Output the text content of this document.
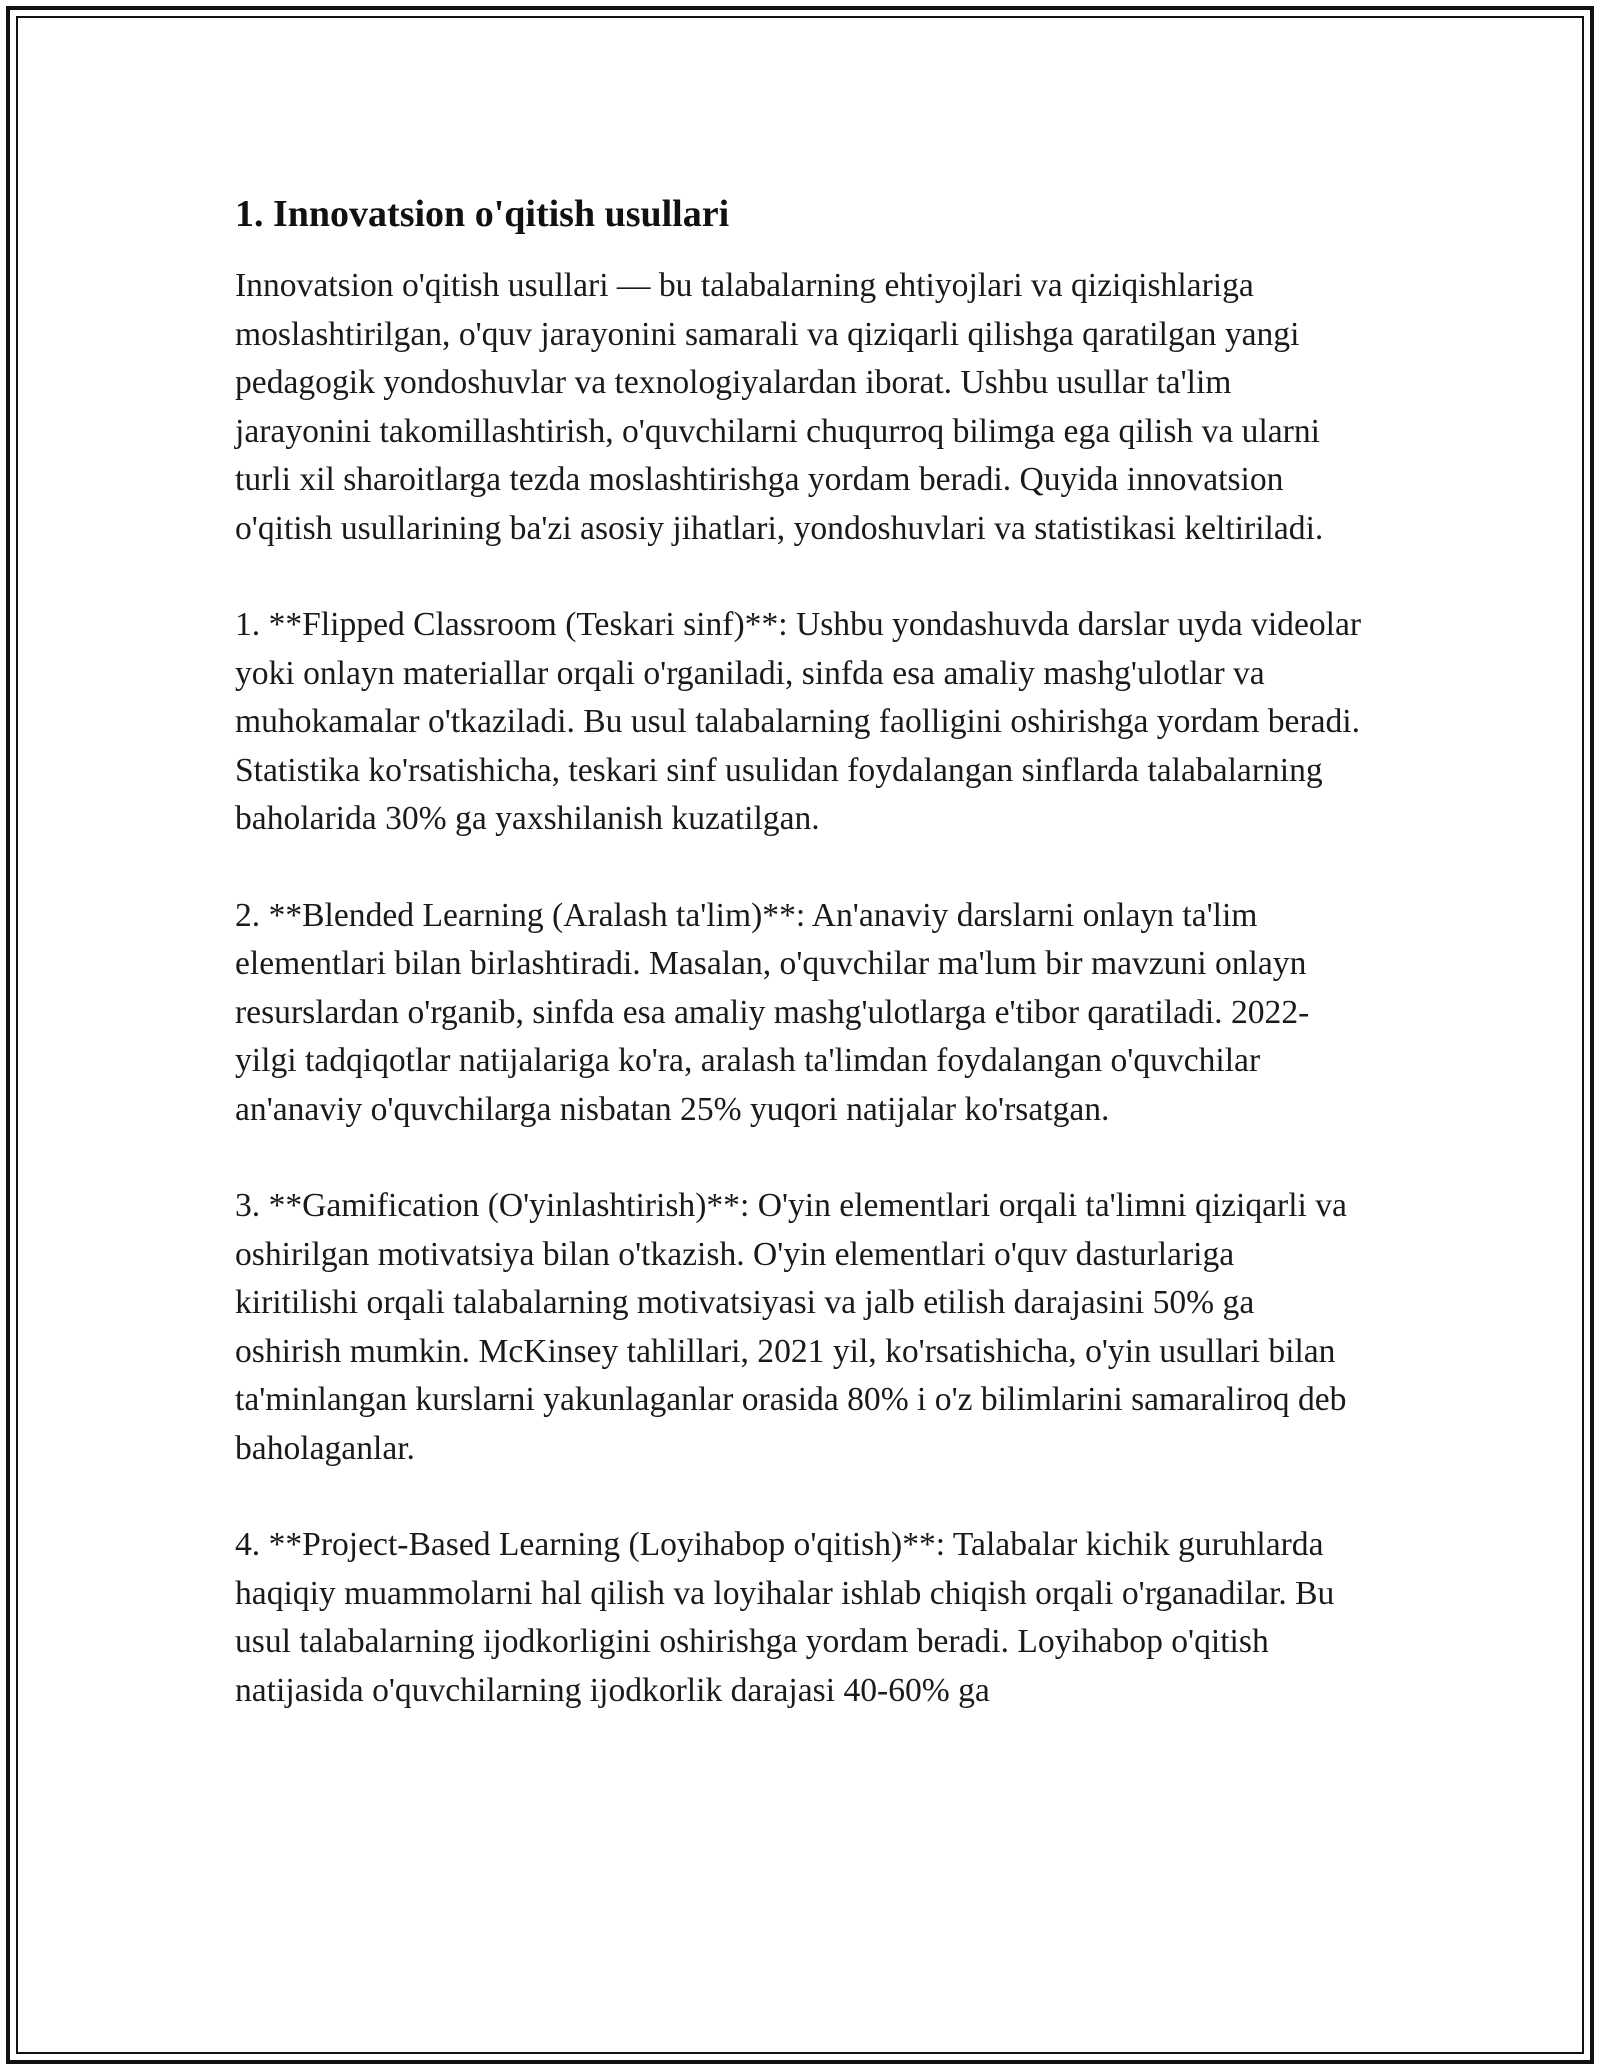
1. Innovatsion o'qitish usullari

Innovatsion o'qitish usullari — bu talabalarning ehtiyojlari va qiziqishlariga moslashtirilgan, o'quv jarayonini samarali va qiziqarli qilishga qaratilgan yangi pedagogik yondoshuvlar va texnologiyalardan iborat. Ushbu usullar ta'lim jarayonini takomillashtirish, o'quvchilarni chuqurroq bilimga ega qilish va ularni turli xil sharoitlarga tezda moslashtirishga yordam beradi. Quyida innovatsion o'qitish usullarining ba'zi asosiy jihatlari, yondoshuvlari va statistikasi keltiriladi.

1. **Flipped Classroom (Teskari sinf)**: Ushbu yondashuvda darslar uyda videolar yoki onlayn materiallar orqali o'rganiladi, sinfda esa amaliy mashg'ulotlar va muhokamalar o'tkaziladi. Bu usul talabalarning faolligini oshirishga yordam beradi. Statistika ko'rsatishicha, teskari sinf usulidan foydalangan sinflarda talabalarning baholarida 30% ga yaxshilanish kuzatilgan.

2. **Blended Learning (Aralash ta'lim)**: An'anaviy darslarni onlayn ta'lim elementlari bilan birlashtiradi. Masalan, o'quvchilar ma'lum bir mavzuni onlayn resurslardan o'rganib, sinfda esa amaliy mashg'ulotlarga e'tibor qaratiladi. 2022-yilgi tadqiqotlar natijalariga ko'ra, aralash ta'limdan foydalangan o'quvchilar an'anaviy o'quvchilarga nisbatan 25% yuqori natijalar ko'rsatgan.

3. **Gamification (O'yinlashtirish)**: O'yin elementlari orqali ta'limni qiziqarli va oshirilgan motivatsiya bilan o'tkazish. O'yin elementlari o'quv dasturlariga kiritilishi orqali talabalarning motivatsiyasi va jalb etilish darajasini 50% ga oshirish mumkin. McKinsey tahlillari, 2021 yil, ko'rsatishicha, o'yin usullari bilan ta'minlangan kurslarni yakunlaganlar orasida 80% i o'z bilimlarini samaraliroq deb baholaganlar.

4. **Project-Based Learning (Loyihabop o'qitish)**: Talabalar kichik guruhlarda haqiqiy muammolarni hal qilish va loyihalar ishlab chiqish orqali o'rganadilar. Bu usul talabalarning ijodkorligini oshirishga yordam beradi. Loyihabop o'qitish natijasida o'quvchilarning ijodkorlik darajasi 40-60% ga
